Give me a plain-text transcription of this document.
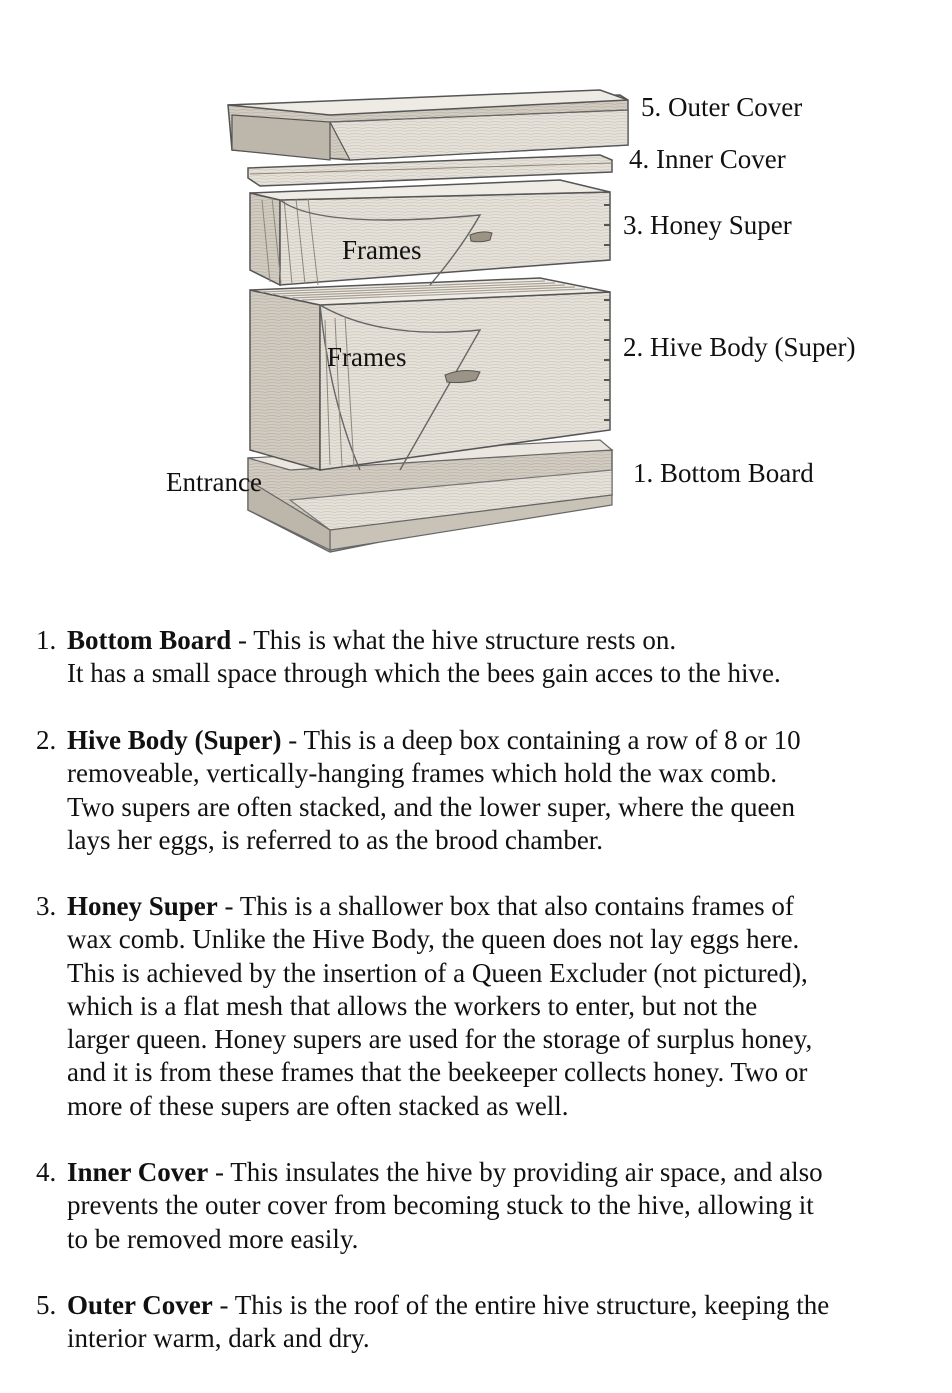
5. Outer Cover
4. Inner Cover
3. Honey Super
2. Hive Body (Super)
1. Bottom Board
Frames
Frames
Entrance
1. Bottom Board - This is what the hive structure rests on.
It has a small space through which the bees gain acces to the hive.
2. Hive Body (Super) - This is a deep box containing a row of 8 or 10
removeable, vertically-hanging frames which hold the wax comb.
Two supers are often stacked, and the lower super, where the queen
lays her eggs, is referred to as the brood chamber.
3. Honey Super - This is a shallower box that also contains frames of
wax comb. Unlike the Hive Body, the queen does not lay eggs here.
This is achieved by the insertion of a Queen Excluder (not pictured),
which is a flat mesh that allows the workers to enter, but not the
larger queen. Honey supers are used for the storage of surplus honey,
and it is from these frames that the beekeeper collects honey. Two or
more of these supers are often stacked as well.
4. Inner Cover - This insulates the hive by providing air space, and also
prevents the outer cover from becoming stuck to the hive, allowing it
to be removed more easily.
5. Outer Cover - This is the roof of the entire hive structure, keeping the
interior warm, dark and dry.
